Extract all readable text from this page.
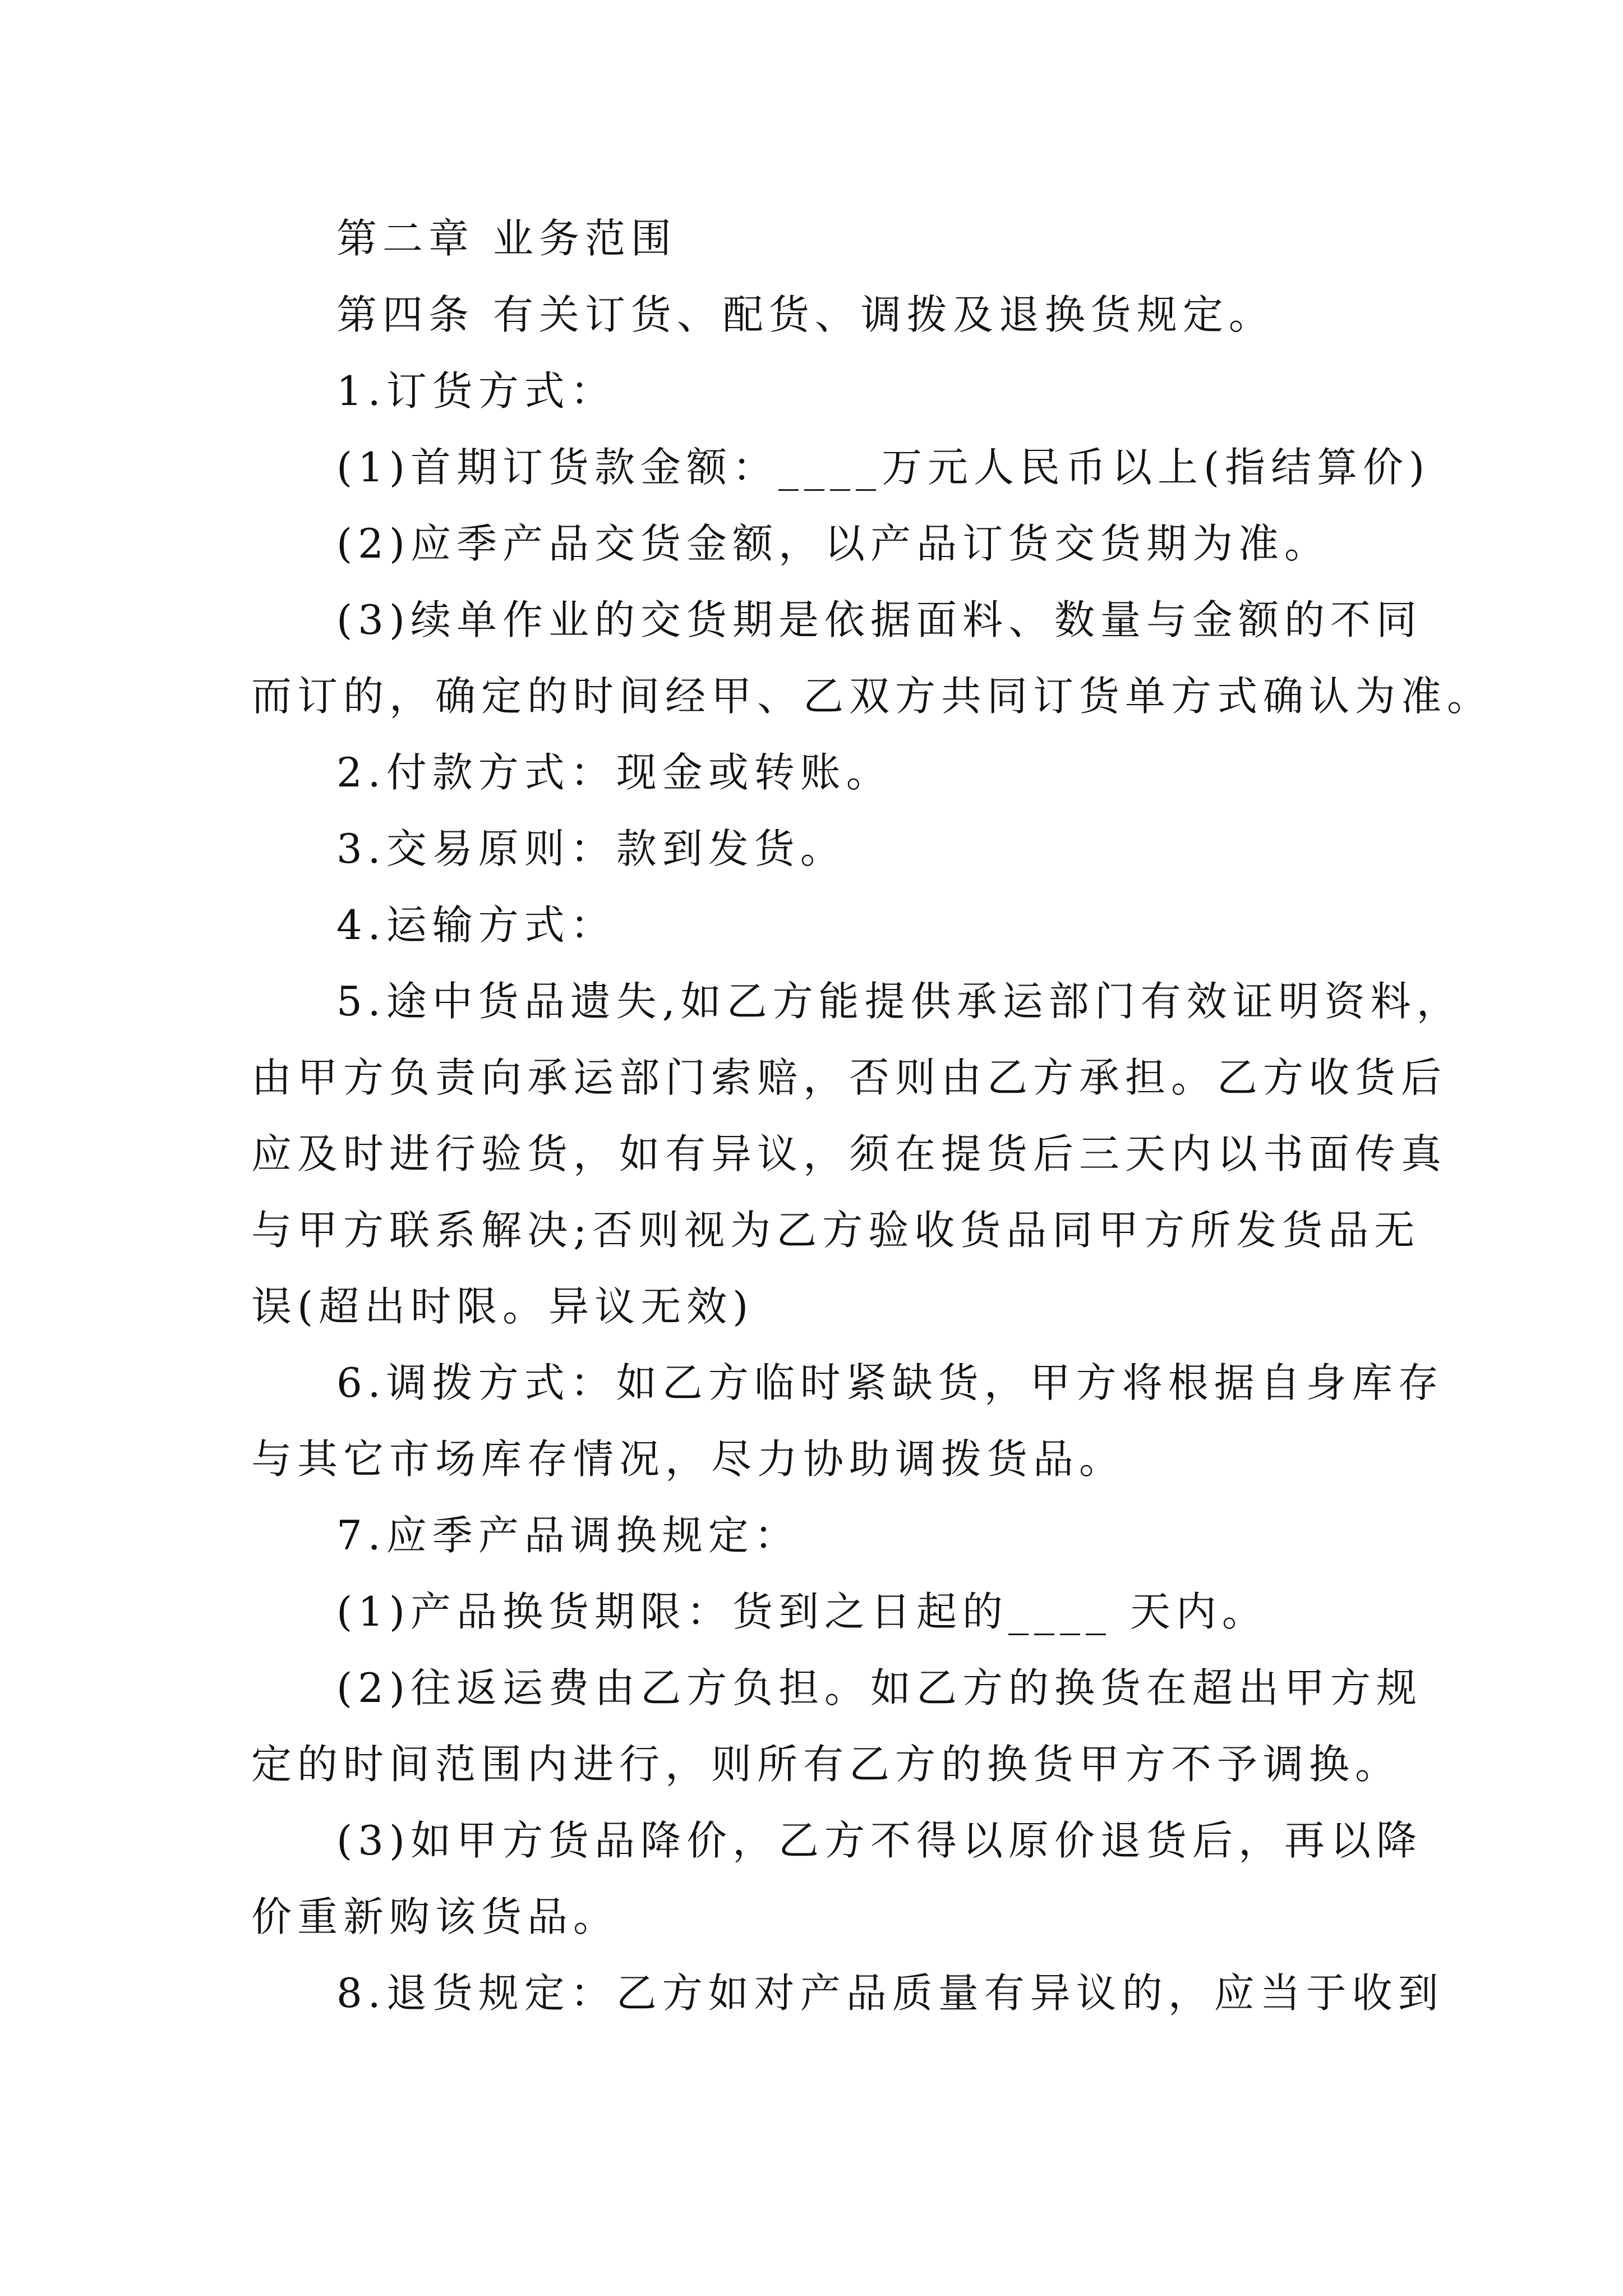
第二章 业务范围
第四条 有关订货、配货、调拨及退换货规定。
1.订货方式：
(1)首期订货款金额：____万元人民币以上(指结算价)
(2)应季产品交货金额，以产品订货交货期为准。
(3)续单作业的交货期是依据面料、数量与金额的不同
而订的，确定的时间经甲、乙双方共同订货单方式确认为准。
2.付款方式：现金或转账。
3.交易原则：款到发货。
4.运输方式：
5.途中货品遗失,如乙方能提供承运部门有效证明资料，
由甲方负责向承运部门索赔，否则由乙方承担。乙方收货后
应及时进行验货，如有异议，须在提货后三天内以书面传真
与甲方联系解决;否则视为乙方验收货品同甲方所发货品无
误(超出时限。异议无效)
6.调拨方式：如乙方临时紧缺货，甲方将根据自身库存
与其它市场库存情况，尽力协助调拨货品。
7.应季产品调换规定：
(1)产品换货期限：货到之日起的____ 天内。
(2)往返运费由乙方负担。如乙方的换货在超出甲方规
定的时间范围内进行，则所有乙方的换货甲方不予调换。
(3)如甲方货品降价，乙方不得以原价退货后，再以降
价重新购该货品。
8.退货规定：乙方如对产品质量有异议的，应当于收到
